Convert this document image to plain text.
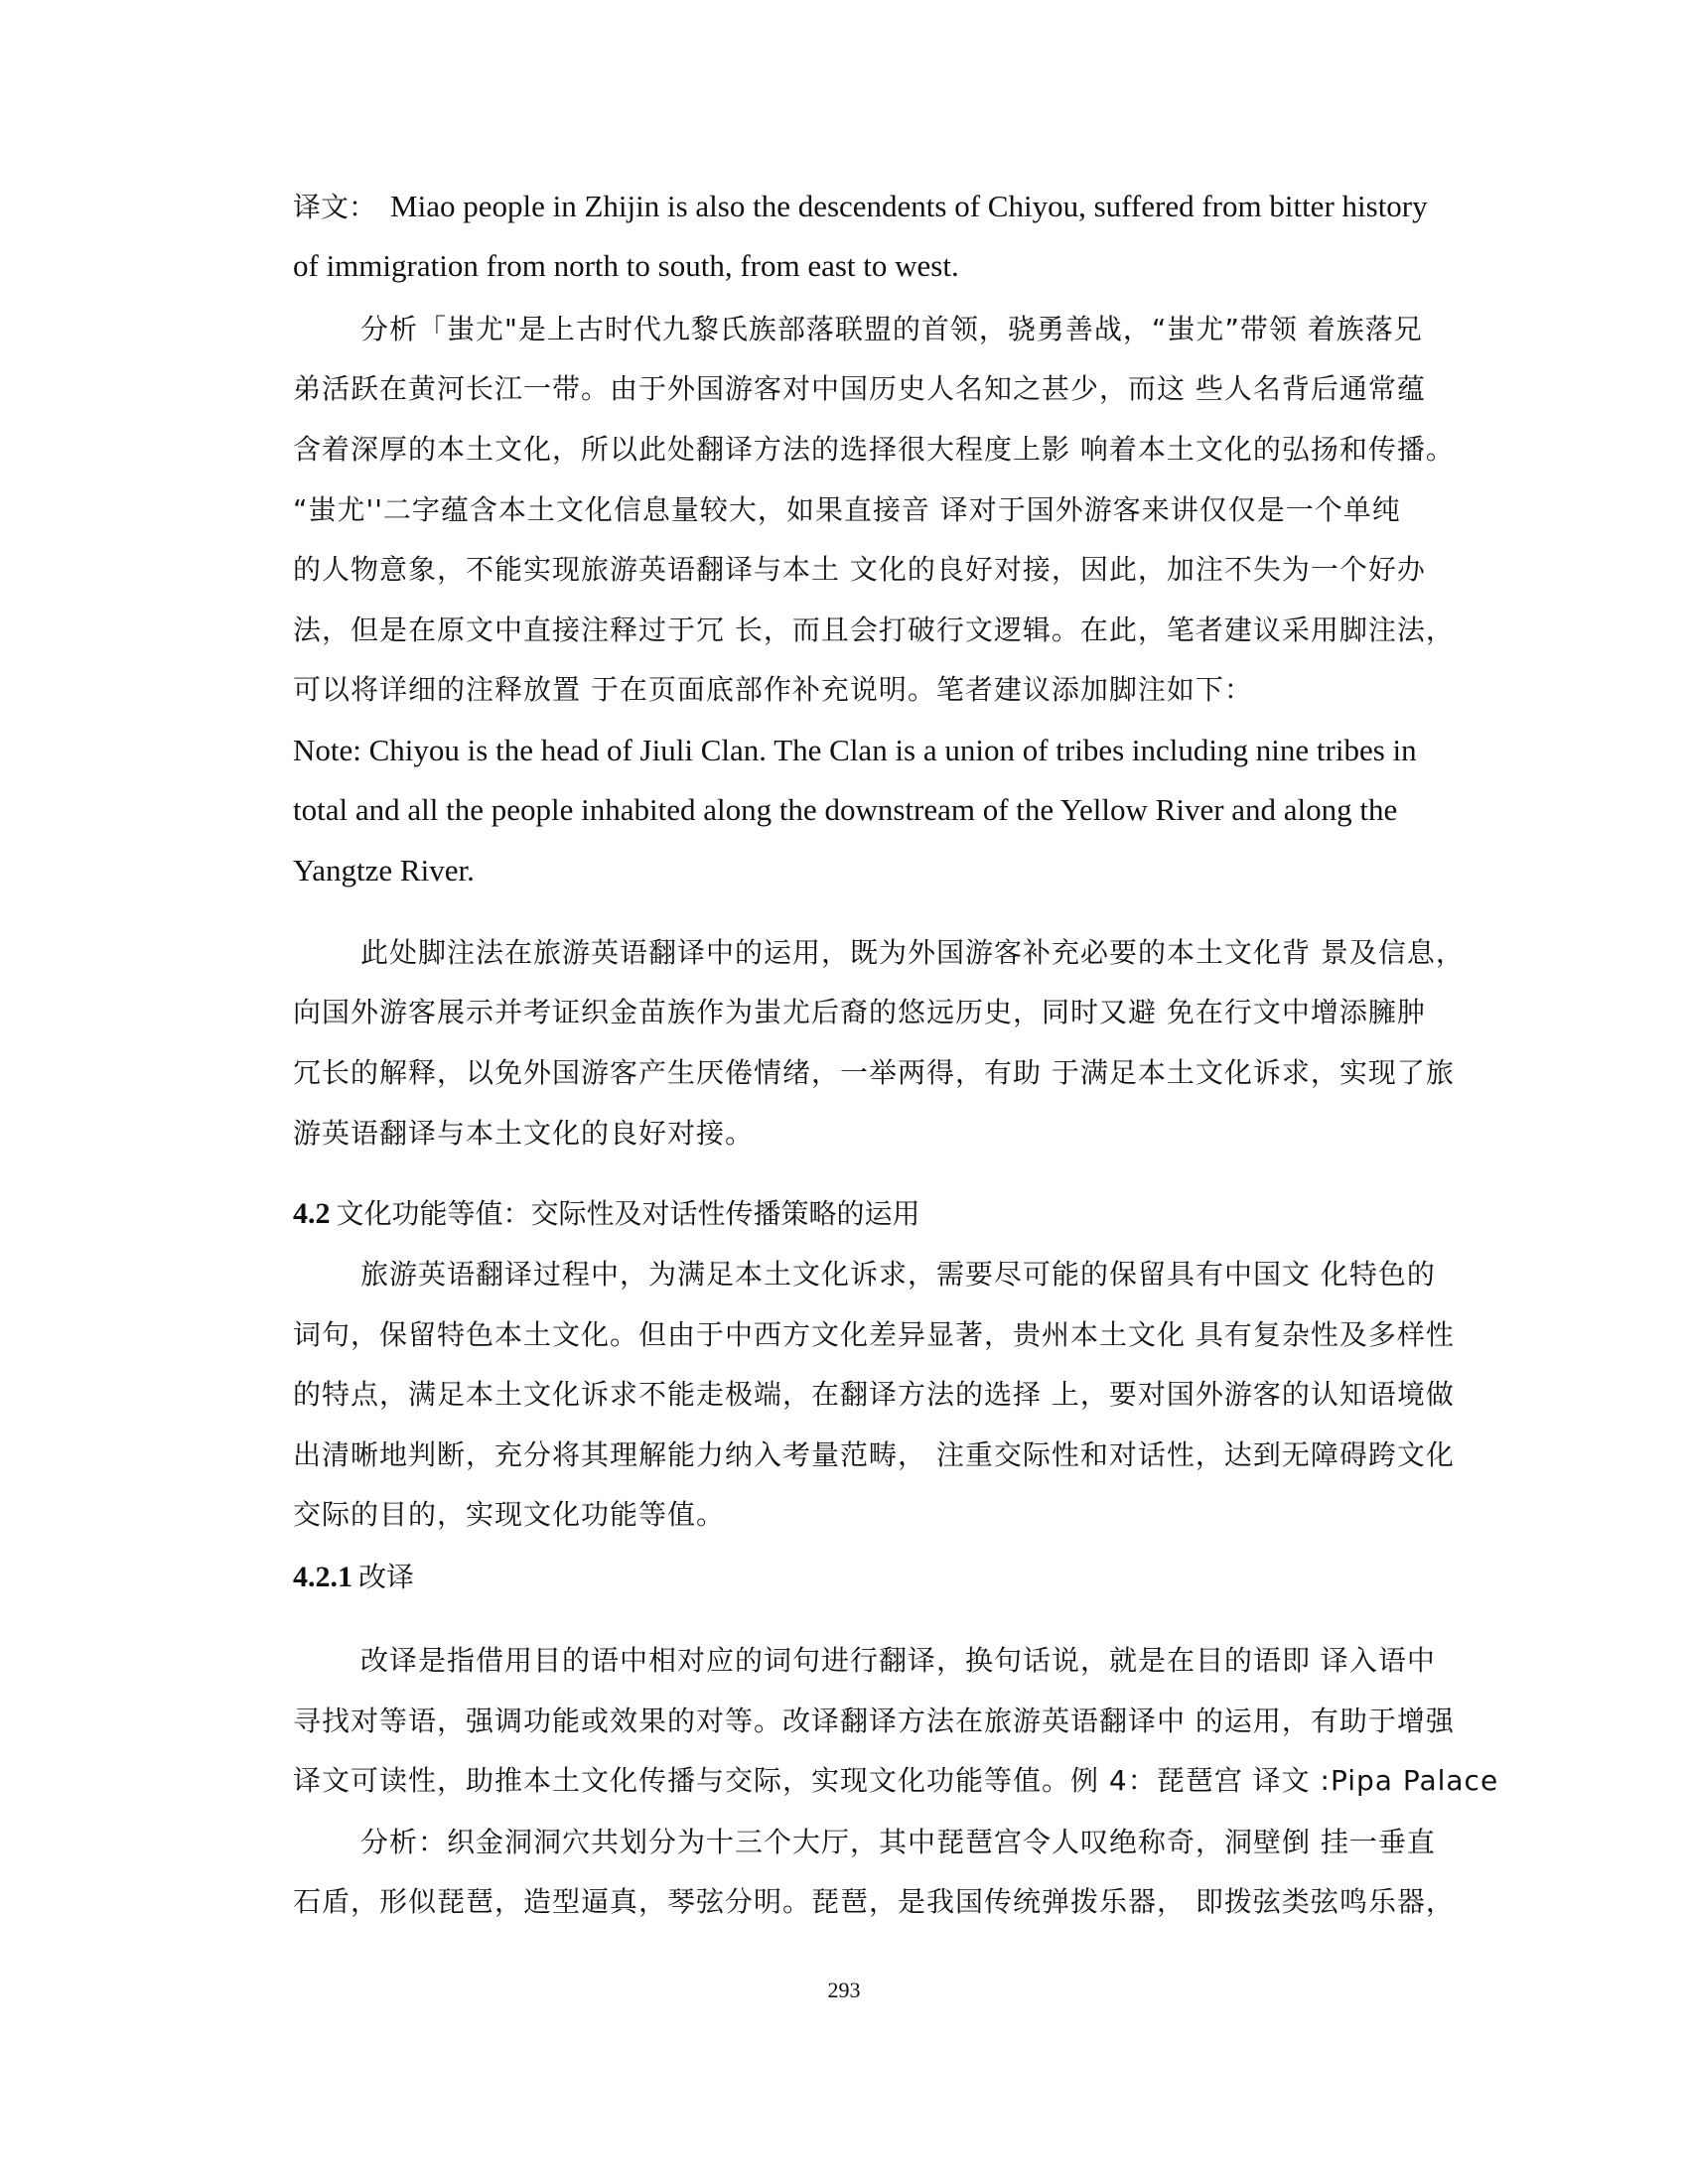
译文： Miao people in Zhijin is also the descendents of Chiyou, suffered from bitter history
of immigration from north to south, from east to west.
分析「蚩尤"是上古时代九黎氏族部落联盟的首领，骁勇善战，“蚩尤”带领 着族落兄
弟活跃在黄河长江一带。由于外国游客对中国历史人名知之甚少，而这 些人名背后通常蕴
含着深厚的本土文化，所以此处翻译方法的选择很大程度上影 响着本土文化的弘扬和传播。
“蚩尤''二字蕴含本土文化信息量较大，如果直接音 译对于国外游客来讲仅仅是一个单纯
的人物意象，不能实现旅游英语翻译与本土 文化的良好对接，因此，加注不失为一个好办
法，但是在原文中直接注释过于冗 长，而且会打破行文逻辑。在此，笔者建议采用脚注法，
可以将详细的注释放置 于在页面底部作补充说明。笔者建议添加脚注如下：
Note: Chiyou is the head of Jiuli Clan. The Clan is a union of tribes including nine tribes in
total and all the people inhabited along the downstream of the Yellow River and along the
Yangtze River.
此处脚注法在旅游英语翻译中的运用，既为外国游客补充必要的本土文化背 景及信息，
向国外游客展示并考证织金苗族作为蚩尤后裔的悠远历史，同时又避 免在行文中增添臃肿
冗长的解释，以免外国游客产生厌倦情绪，一举两得，有助 于满足本土文化诉求，实现了旅
游英语翻译与本土文化的良好对接。
4.2 文化功能等值：交际性及对话性传播策略的运用
旅游英语翻译过程中，为满足本土文化诉求，需要尽可能的保留具有中国文 化特色的
词句，保留特色本土文化。但由于中西方文化差异显著，贵州本土文化 具有复杂性及多样性
的特点，满足本土文化诉求不能走极端，在翻译方法的选择 上，要对国外游客的认知语境做
出清晰地判断，充分将其理解能力纳入考量范畴， 注重交际性和对话性，达到无障碍跨文化
交际的目的，实现文化功能等值。
4.2.1 改译
改译是指借用目的语中相对应的词句进行翻译，换句话说，就是在目的语即 译入语中
寻找对等语，强调功能或效果的对等。改译翻译方法在旅游英语翻译中 的运用，有助于增强
译文可读性，助推本土文化传播与交际，实现文化功能等值。例 4：琵琶宫 译文 :Pipa Palace
分析：织金洞洞穴共划分为十三个大厅，其中琵琶宫令人叹绝称奇，洞壁倒 挂一垂直
石盾，形似琵琶，造型逼真，琴弦分明。琵琶，是我国传统弹拨乐器， 即拨弦类弦鸣乐器，
293
